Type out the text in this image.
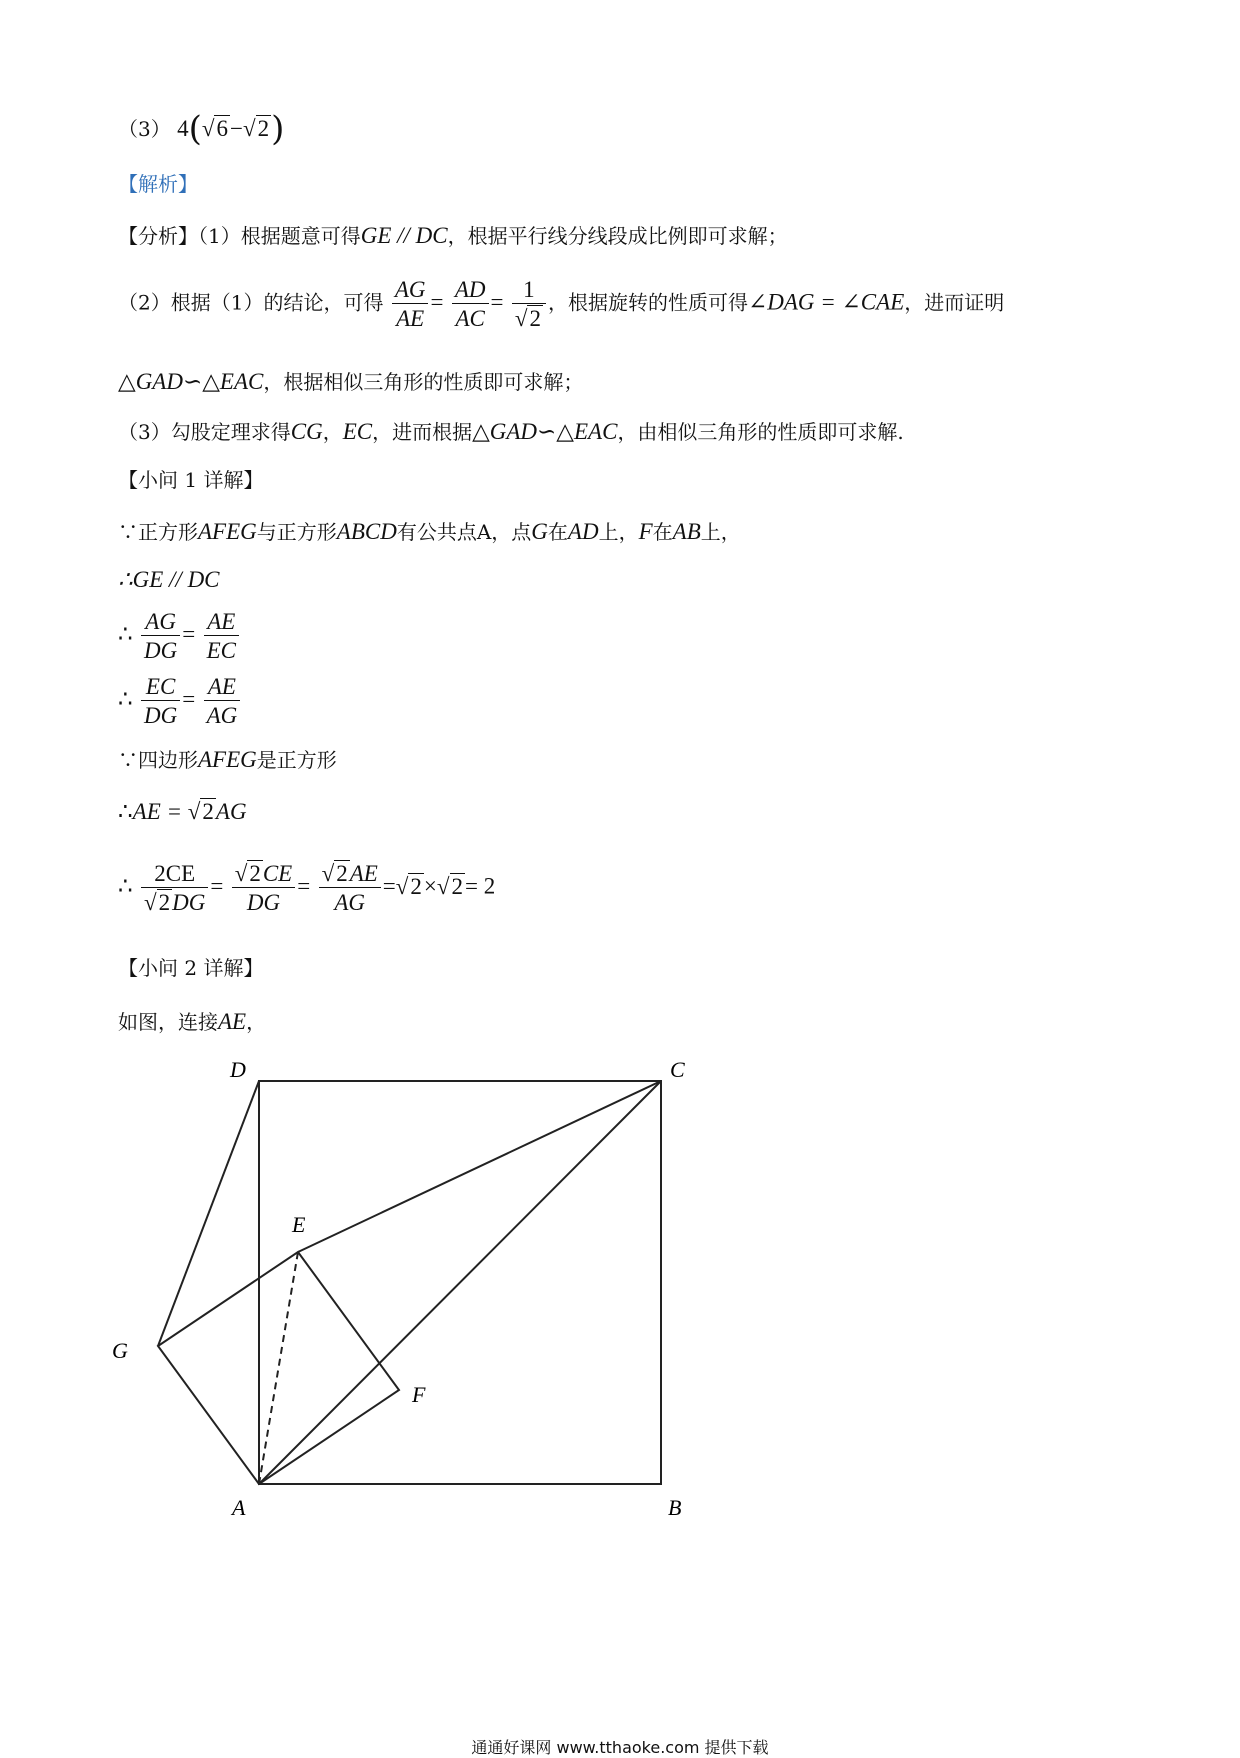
（3） 4(√6−√2)
【解析】
【分析】（1）根据题意可得GE // DC，根据平行线分线段成比例即可求解；
（2）根据（1）的结论，可得 $\frac{AG}{AE} = \frac{AD}{AC} = \frac{1}{√2}$ ，根据旋转的性质可得∠DAG = ∠CAE，进而证明
△GAD∽△EAC，根据相似三角形的性质即可求解；
（3）勾股定理求得CG，EC，进而根据△GAD∽△EAC，由相似三角形的性质即可求解.
【小问 1 详解】
∵正方形AFEG与正方形ABCD有公共点A，点G在AD上，F在AB上，
∴GE // DC
∴ $\frac{AG}{DG} = \frac{AE}{EC}$
∴ $\frac{EC}{DG} = \frac{AE}{AG}$
∵四边形AFEG是正方形
∴AE = √2AG
∴ $\frac{2CE}{√2DG} = \frac{√2CE}{DG} = \frac{√2AE}{AG} =√2\times√2= 2$
【小问 2 详解】
如图，连接AE，
D	C
E
G
F
A	B
通通好课网 www.tthaoke.com 提供下载
